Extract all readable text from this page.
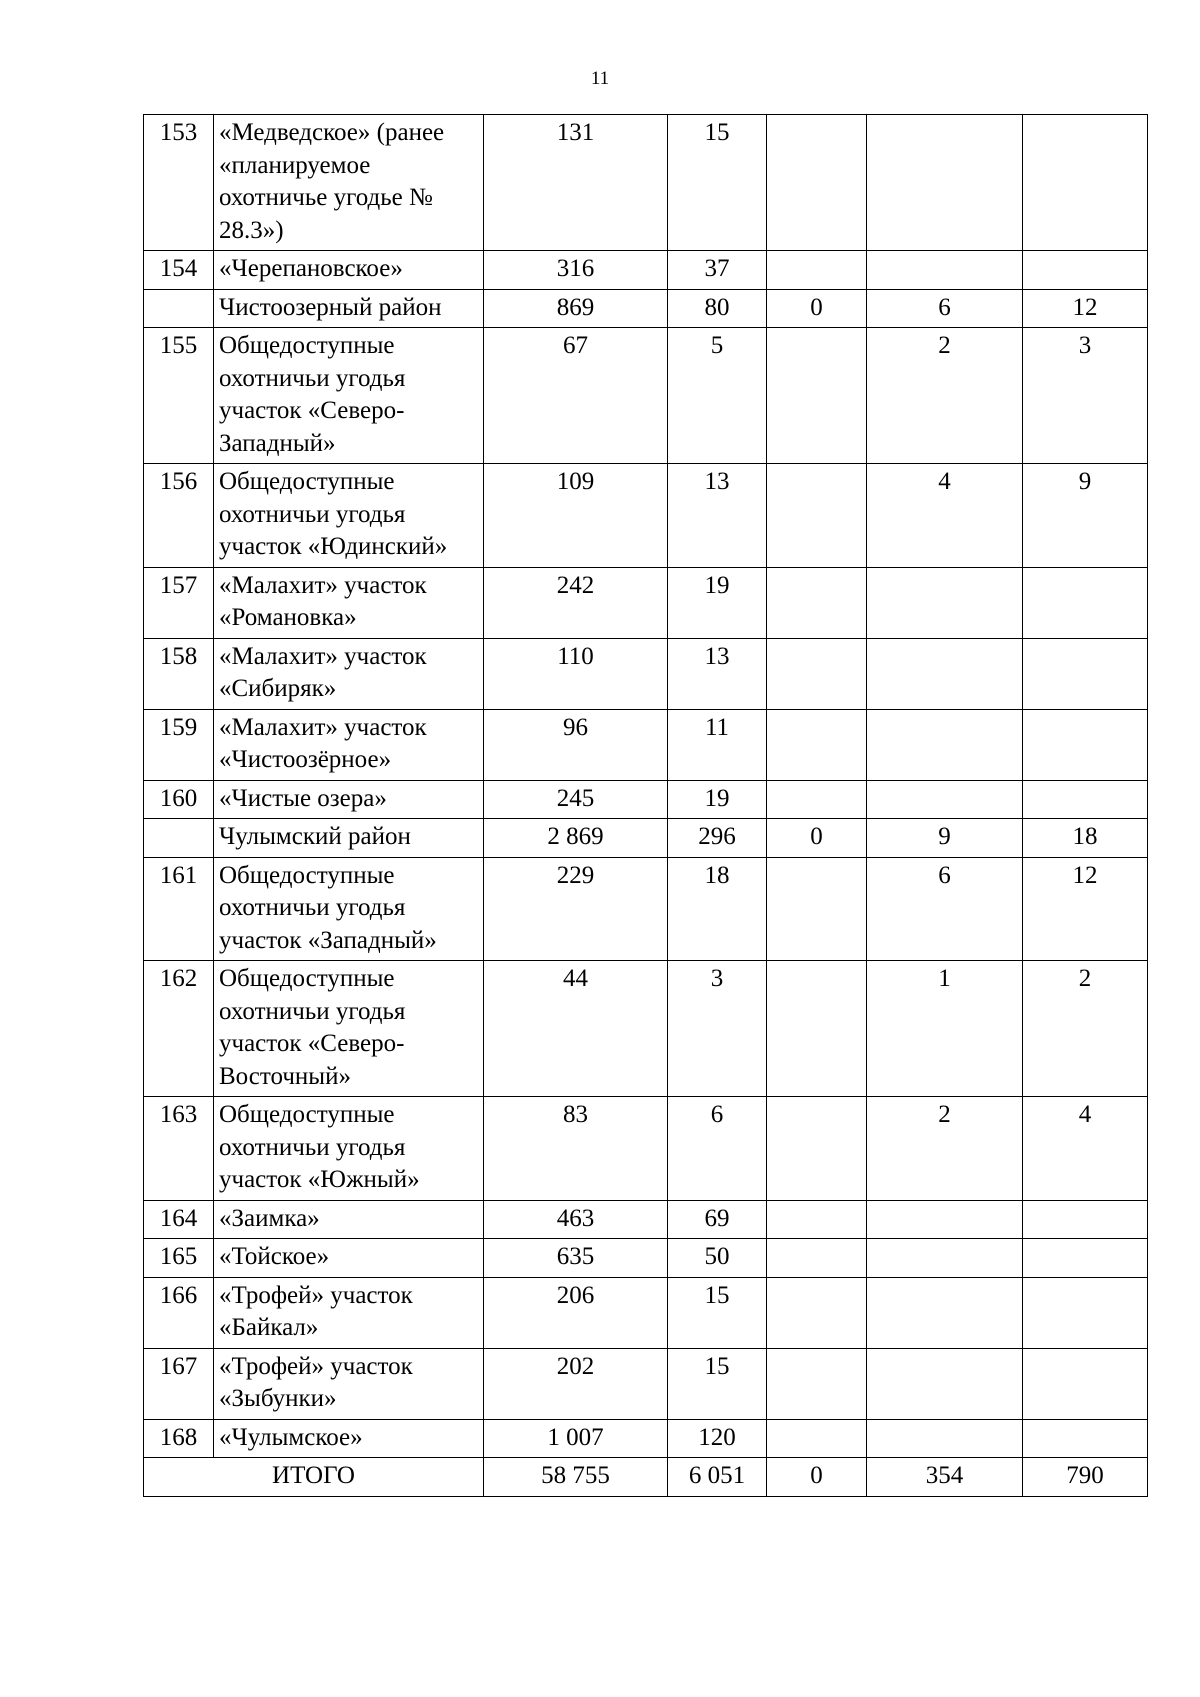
11
153	«Медведское» (ранее «планируемое охотничье угодье № 28.3»)	131	15			
154	«Черепановское»	316	37			
	Чистоозерный район	869	80	0	6	12
155	Общедоступные охотничьи угодья участок «Северо-Западный»	67	5		2	3
156	Общедоступные охотничьи угодья участок «Юдинский»	109	13		4	9
157	«Малахит» участок «Романовка»	242	19			
158	«Малахит» участок «Сибиряк»	110	13			
159	«Малахит» участок «Чистоозёрное»	96	11			
160	«Чистые озера»	245	19			
	Чулымский район	2 869	296	0	9	18
161	Общедоступные охотничьи угодья участок «Западный»	229	18		6	12
162	Общедоступные охотничьи угодья участок «Северо-Восточный»	44	3		1	2
163	Общедоступные охотничьи угодья участок «Южный»	83	6		2	4
164	«Заимка»	463	69			
165	«Тойское»	635	50			
166	«Трофей» участок «Байкал»	206	15			
167	«Трофей» участок «Зыбунки»	202	15			
168	«Чулымское»	1 007	120			
ИТОГО		58 755	6 051	0	354	790
